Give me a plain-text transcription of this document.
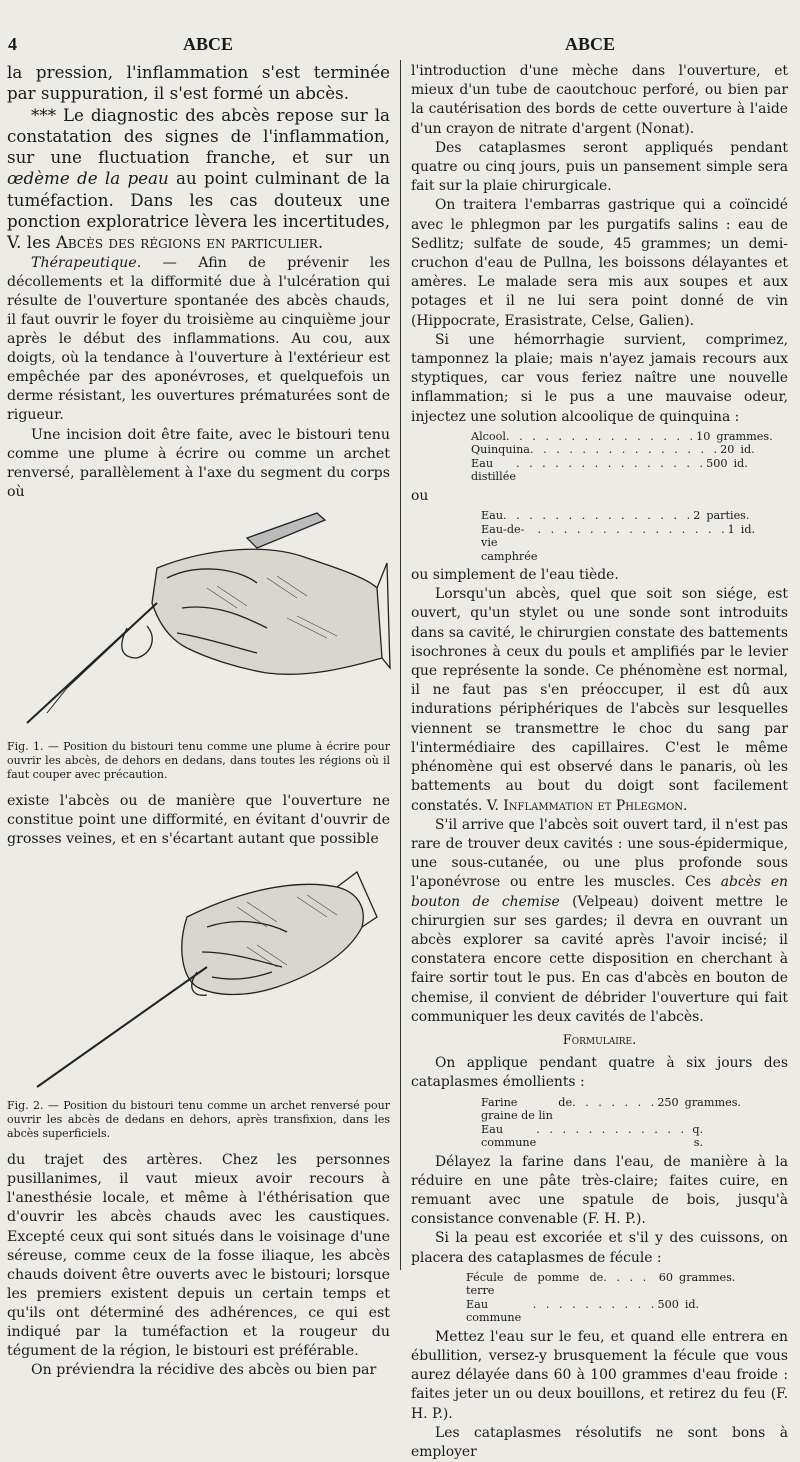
4	ABCE	ABCE

la pression, l'inflammation s'est terminée par suppuration, il s'est formé un abcès.

*** Le diagnostic des abcès repose sur la constatation des signes de l'inflammation, sur une fluctuation franche, et sur un œdème de la peau au point culminant de la tuméfaction. Dans les cas douteux une ponction exploratrice lèvera les incertitudes, V. les Abcès des régions en particulier.

Thérapeutique. — Afin de prévenir les décollements et la difformité due à l'ulcération qui résulte de l'ouverture spontanée des abcès chauds, il faut ouvrir le foyer du troisième au cinquième jour après le début des inflammations. Au cou, aux doigts, où la tendance à l'ouverture à l'extérieur est empêchée par des aponévroses, et quelquefois un derme résistant, les ouvertures prématurées sont de rigueur.

Une incision doit être faite, avec le bistouri tenu comme une plume à écrire ou comme un archet renversé, parallèlement à l'axe du segment du corps où

Fig. 1. — Position du bistouri tenu comme une plume à écrire pour ouvrir les abcès, de dehors en dedans, dans toutes les régions où il faut couper avec précaution.

existe l'abcès ou de manière que l'ouverture ne constitue point une difformité, en évitant d'ouvrir de grosses veines, et en s'écartant autant que possible

Fig. 2. — Position du bistouri tenu comme un archet renversé pour ouvrir les abcès de dedans en dehors, après transfixion, dans les abcès superficiels.

du trajet des artères. Chez les personnes pusillanimes, il vaut mieux avoir recours à l'anesthésie locale, et même à l'éthérisation que d'ouvrir les abcès chauds avec les caustiques. Excepté ceux qui sont situés dans le voisinage d'une séreuse, comme ceux de la fosse iliaque, les abcès chauds doivent être ouverts avec le bistouri; lorsque les premiers existent depuis un certain temps et qu'ils ont déterminé des adhérences, ce qui est indiqué par la tuméfaction et la rougeur du tégument de la région, le bistouri est préférable.

On préviendra la récidive des abcès ou bien par

l'introduction d'une mèche dans l'ouverture, et mieux d'un tube de caoutchouc perforé, ou bien par la cautérisation des bords de cette ouverture à l'aide d'un crayon de nitrate d'argent (Nonat).

Des cataplasmes seront appliqués pendant quatre ou cinq jours, puis un pansement simple sera fait sur la plaie chirurgicale.

On traitera l'embarras gastrique qui a coïncidé avec le phlegmon par les purgatifs salins : eau de Sedlitz; sulfate de soude, 45 grammes; un demi-cruchon d'eau de Pullna, les boissons délayantes et amères. Le malade sera mis aux soupes et aux potages et il ne lui sera point donné de vin (Hippocrate, Erasistrate, Celse, Galien).

Si une hémorrhagie survient, comprimez, tamponnez la plaie; mais n'ayez jamais recours aux styptiques, car vous feriez naître une nouvelle inflammation; si le pus a une mauvaise odeur, injectez une solution alcoolique de quinquina :

Alcool . . . . . . . . . . . . . . . 10 grammes.
Quinquina . . . . . . . . . . . . . . . 20 id.
Eau distillée
. . . . . . . . . . . . . . . 500 id.

ou

Eau . . . . . . . . . . . . . . . 2 parties.
Eau-de-vie camphrée
. . . . . . . . . . . . . . . 1 id.

ou simplement de l'eau tiède.

Lorsqu'un abcès, quel que soit son siége, est ouvert, qu'un stylet ou une sonde sont introduits dans sa cavité, le chirurgien constate des battements isochrones à ceux du pouls et amplifiés par le levier que représente la sonde. Ce phénomène est normal, il ne faut pas s'en préoccuper, il est dû aux indurations périphériques de l'abcès sur lesquelles viennent se transmettre le choc du sang par l'intermédiaire des capillaires. C'est le même phénomène qui est observé dans le panaris, où les battements au bout du doigt sont facilement constatés. V. Inflammation et Phlegmon.

S'il arrive que l'abcès soit ouvert tard, il n'est pas rare de trouver deux cavités : une sous-épidermique, une sous-cutanée, ou une plus profonde sous l'aponévrose ou entre les muscles. Ces abcès en bouton de chemise (Velpeau) doivent mettre le chirurgien sur ses gardes; il devra en ouvrant un abcès explorer sa cavité après l'avoir incisé; il constatera encore cette disposition en cherchant à faire sortir tout le pus. En cas d'abcès en bouton de chemise, il convient de débrider l'ouverture qui fait communiquer les deux cavités de l'abcès.

Formulaire.

On applique pendant quatre à six jours des cataplasmes émollients :

Farine de graine de lin
. . . . . . . 250 grammes.
Eau commune
. . . . . . . . . . . . q. s.

Délayez la farine dans l'eau, de manière à la réduire en une pâte très-claire; faites cuire, en remuant avec une spatule de bois, jusqu'à consistance convenable (F. H. P.).

Si la peau est excoriée et s'il y des cuissons, on placera des cataplasmes de fécule :

Fécule de pomme de terre
. . . . 60 grammes.
Eau commune
. . . . . . . . . . 500 id.

Mettez l'eau sur le feu, et quand elle entrera en ébullition, versez-y brusquement la fécule que vous aurez délayée dans 60 à 100 grammes d'eau froide : faites jeter un ou deux bouillons, et retirez du feu (F. H. P.).

Les cataplasmes résolutifs ne sont bons à employer
